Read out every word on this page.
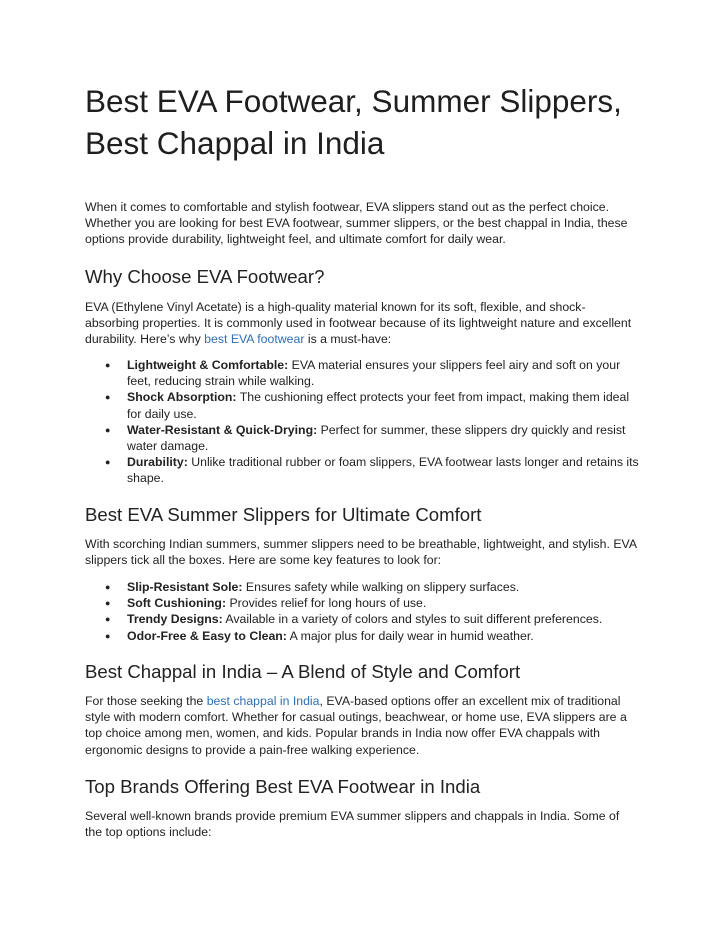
Best EVA Footwear, Summer Slippers, Best Chappal in India

When it comes to comfortable and stylish footwear, EVA slippers stand out as the perfect choice. Whether you are looking for best EVA footwear, summer slippers, or the best chappal in India, these options provide durability, lightweight feel, and ultimate comfort for daily wear.

Why Choose EVA Footwear?

EVA (Ethylene Vinyl Acetate) is a high-quality material known for its soft, flexible, and shock-absorbing properties. It is commonly used in footwear because of its lightweight nature and excellent durability. Here’s why best EVA footwear is a must-have:

● Lightweight & Comfortable: EVA material ensures your slippers feel airy and soft on your feet, reducing strain while walking.
● Shock Absorption: The cushioning effect protects your feet from impact, making them ideal for daily use.
● Water-Resistant & Quick-Drying: Perfect for summer, these slippers dry quickly and resist water damage.
● Durability: Unlike traditional rubber or foam slippers, EVA footwear lasts longer and retains its shape.
Best EVA Summer Slippers for Ultimate Comfort

With scorching Indian summers, summer slippers need to be breathable, lightweight, and stylish. EVA slippers tick all the boxes. Here are some key features to look for:

● Slip-Resistant Sole: Ensures safety while walking on slippery surfaces.
● Soft Cushioning: Provides relief for long hours of use.
● Trendy Designs: Available in a variety of colors and styles to suit different preferences.
● Odor-Free & Easy to Clean: A major plus for daily wear in humid weather.
Best Chappal in India – A Blend of Style and Comfort

For those seeking the best chappal in India, EVA-based options offer an excellent mix of traditional style with modern comfort. Whether for casual outings, beachwear, or home use, EVA slippers are a top choice among men, women, and kids. Popular brands in India now offer EVA chappals with ergonomic designs to provide a pain-free walking experience.

Top Brands Offering Best EVA Footwear in India

Several well-known brands provide premium EVA summer slippers and chappals in India. Some of the top options include:
